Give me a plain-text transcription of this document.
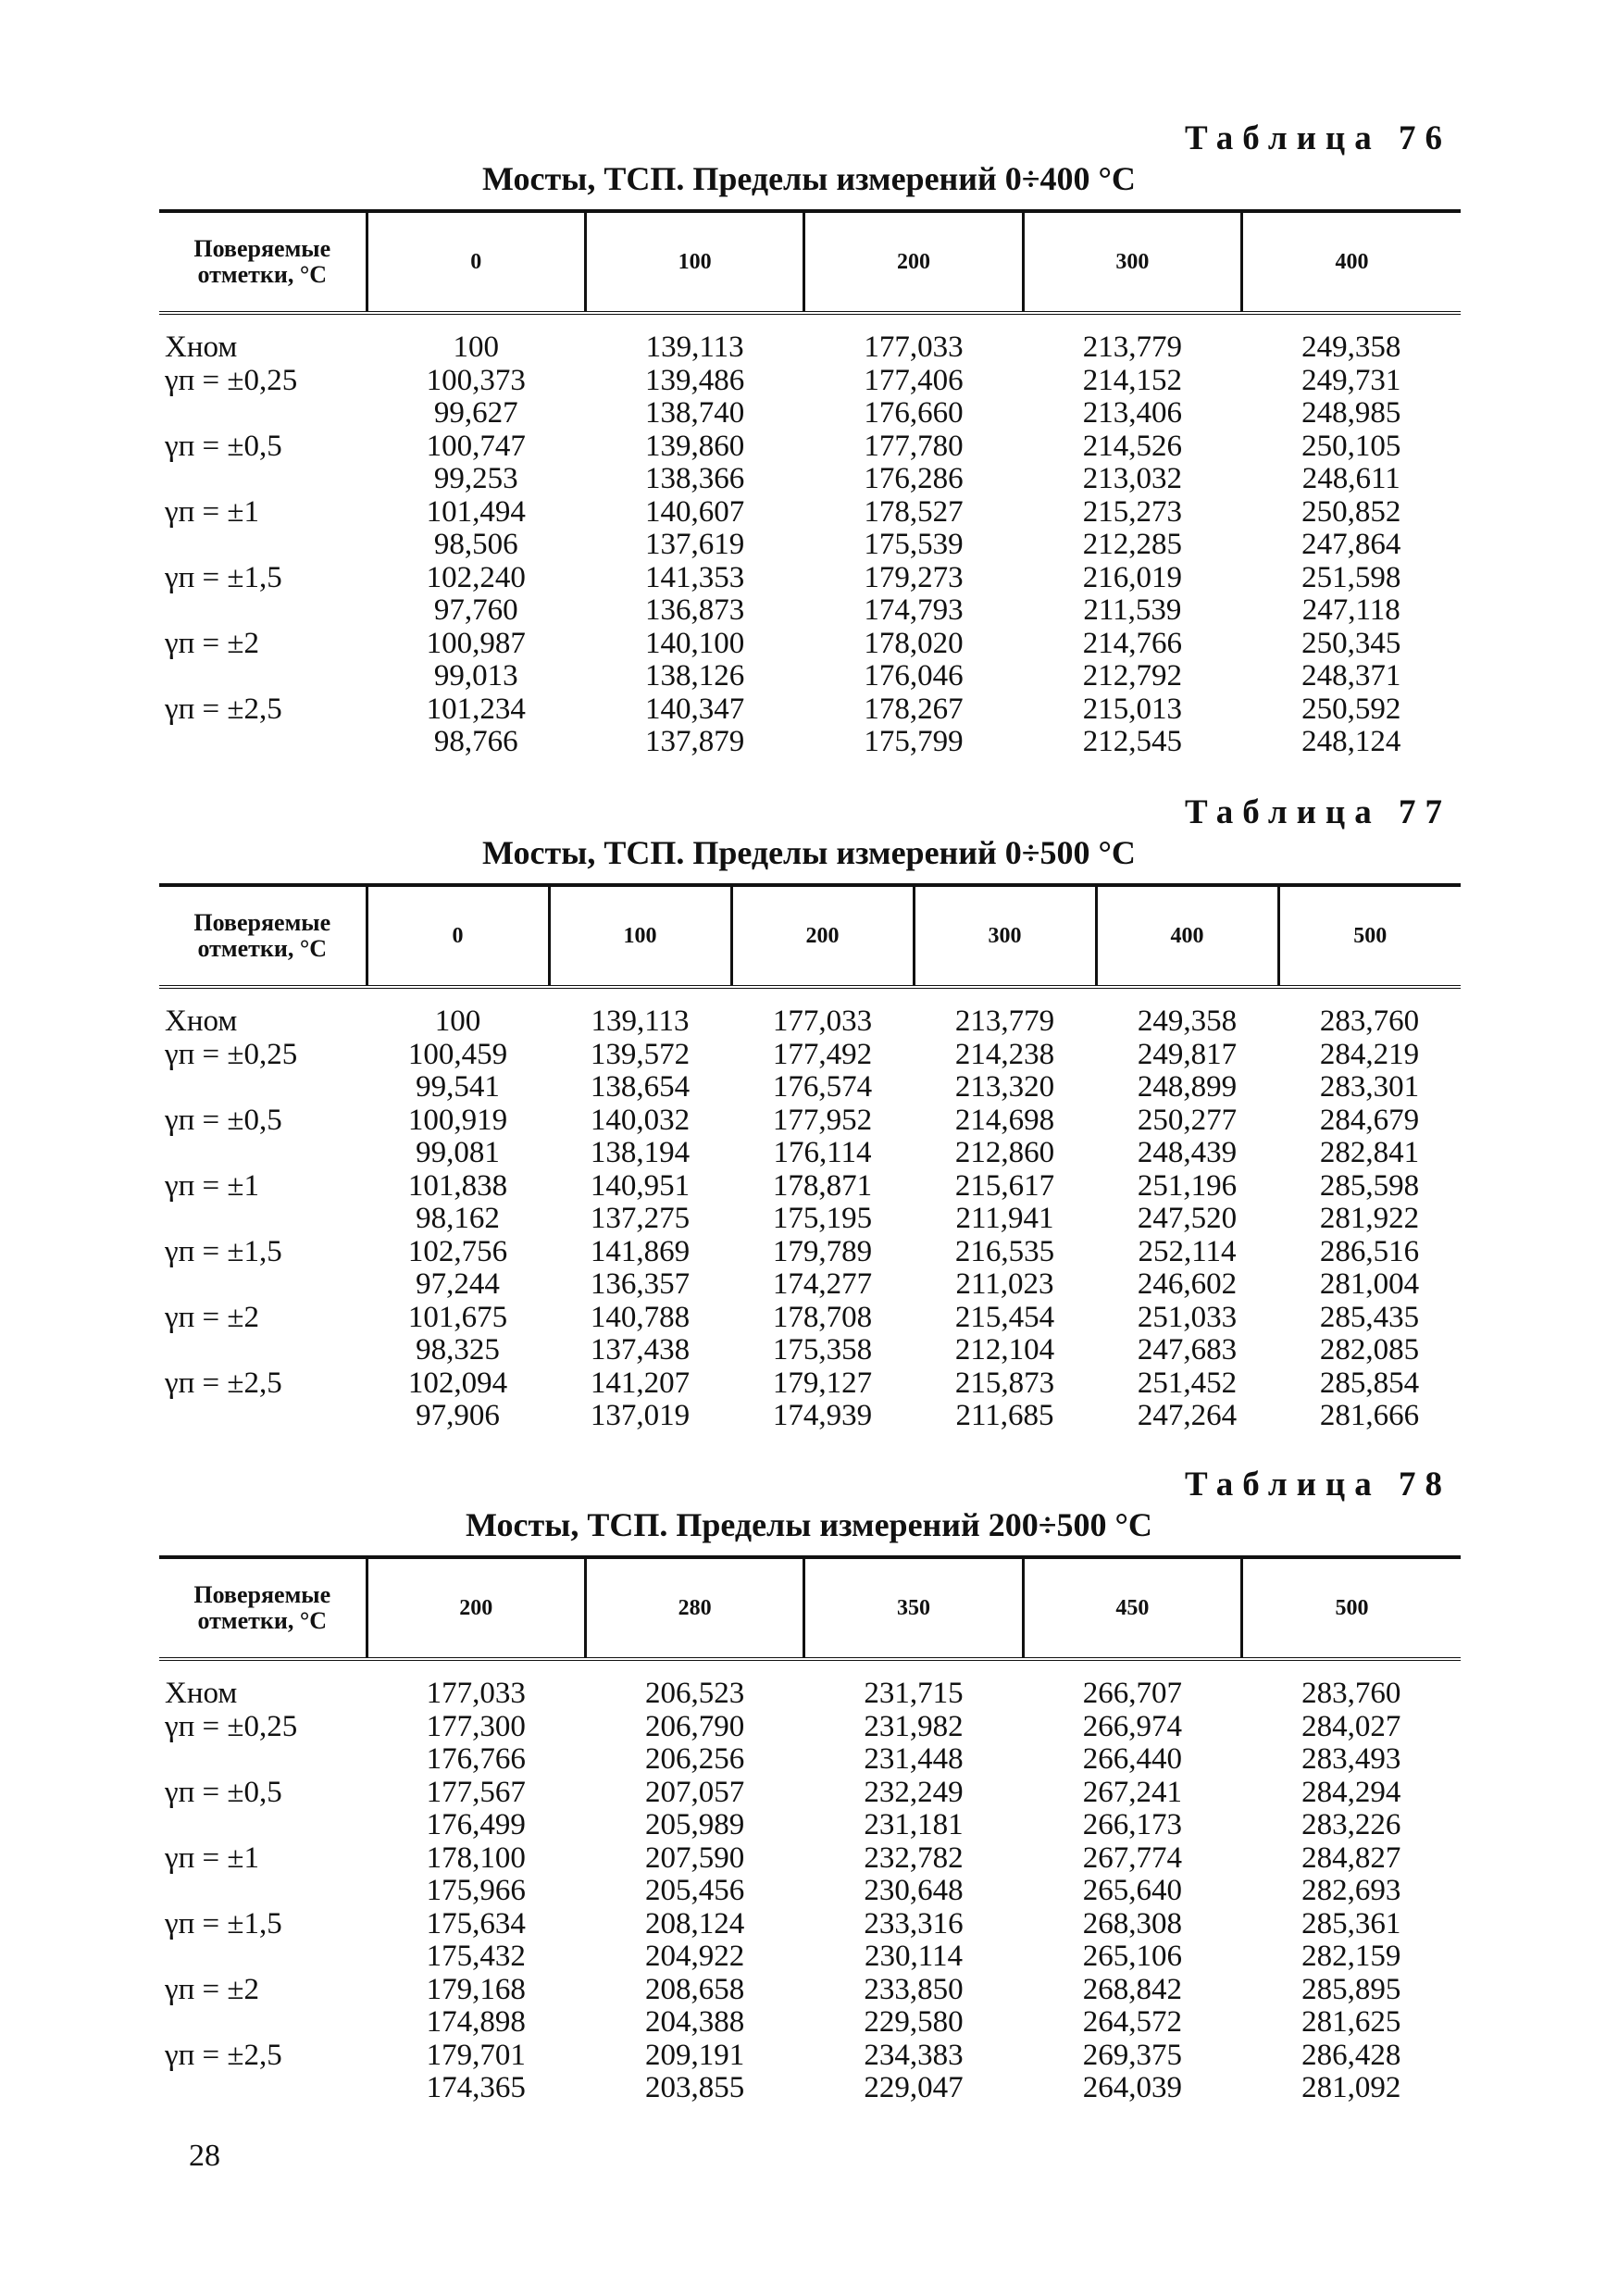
Таблица 76
Мосты, ТСП. Пределы измерений 0÷400 °C
Поверяемые отметки, °C	0	100	200	300	400
Xном	100	139,113	177,033	213,779	249,358
γп = ±0,25	100,373	139,486	177,406	214,152	249,731
	99,627	138,740	176,660	213,406	248,985
γп = ±0,5	100,747	139,860	177,780	214,526	250,105
	99,253	138,366	176,286	213,032	248,611
γп = ±1	101,494	140,607	178,527	215,273	250,852
	98,506	137,619	175,539	212,285	247,864
γп = ±1,5	102,240	141,353	179,273	216,019	251,598
	97,760	136,873	174,793	211,539	247,118
γп = ±2	100,987	140,100	178,020	214,766	250,345
	99,013	138,126	176,046	212,792	248,371
γп = ±2,5	101,234	140,347	178,267	215,013	250,592
	98,766	137,879	175,799	212,545	248,124
Таблица 77
Мосты, ТСП. Пределы измерений 0÷500 °C
Поверяемые отметки, °C	0	100	200	300	400	500
Xном	100	139,113	177,033	213,779	249,358	283,760
γп = ±0,25	100,459	139,572	177,492	214,238	249,817	284,219
	99,541	138,654	176,574	213,320	248,899	283,301
γп = ±0,5	100,919	140,032	177,952	214,698	250,277	284,679
	99,081	138,194	176,114	212,860	248,439	282,841
γп = ±1	101,838	140,951	178,871	215,617	251,196	285,598
	98,162	137,275	175,195	211,941	247,520	281,922
γп = ±1,5	102,756	141,869	179,789	216,535	252,114	286,516
	97,244	136,357	174,277	211,023	246,602	281,004
γп = ±2	101,675	140,788	178,708	215,454	251,033	285,435
	98,325	137,438	175,358	212,104	247,683	282,085
γп = ±2,5	102,094	141,207	179,127	215,873	251,452	285,854
	97,906	137,019	174,939	211,685	247,264	281,666
Таблица 78
Мосты, ТСП. Пределы измерений 200÷500 °C
Поверяемые отметки, °C	200	280	350	450	500
Xном	177,033	206,523	231,715	266,707	283,760
γп = ±0,25	177,300	206,790	231,982	266,974	284,027
	176,766	206,256	231,448	266,440	283,493
γп = ±0,5	177,567	207,057	232,249	267,241	284,294
	176,499	205,989	231,181	266,173	283,226
γп = ±1	178,100	207,590	232,782	267,774	284,827
	175,966	205,456	230,648	265,640	282,693
γп = ±1,5	175,634	208,124	233,316	268,308	285,361
	175,432	204,922	230,114	265,106	282,159
γп = ±2	179,168	208,658	233,850	268,842	285,895
	174,898	204,388	229,580	264,572	281,625
γп = ±2,5	179,701	209,191	234,383	269,375	286,428
	174,365	203,855	229,047	264,039	281,092
28
